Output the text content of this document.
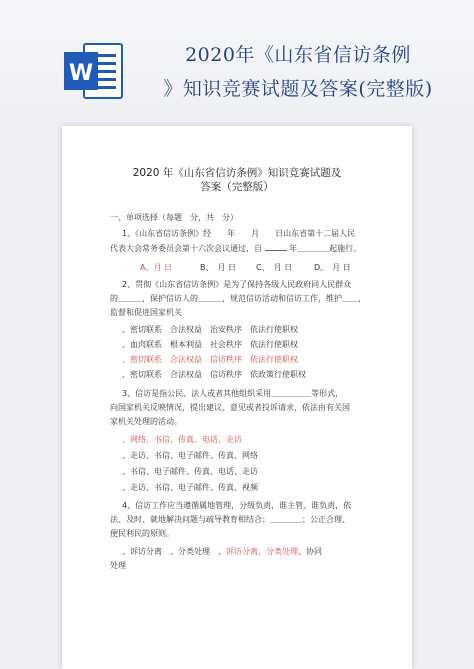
W
2020年《山东省信访条例
》知识竞赛试题及答案(完整版)
2020 年《山东省信访条例》知识竞赛试题及
答案（完整版）
一、单项选择（每题　分，共　分）
1、《山东省信访条例》经　　年　　月　　日山东省第十二届人民
代表大会常务委员会第十六次会议通过，自	年＿＿＿＿起施行。
A、月 日	B、　月 日 C、　月 日	D、　月 日
2、贯彻《山东省信访条例》是为了保持各级人民政府同人民群众
的＿＿＿，保护信访人的＿＿＿，规范信访活动和信访工作，维护＿＿，
监督和促进国家机关
、密切联系　合法权益　治安秩序　依法行使职权
、血肉联系　根本利益　社会秩序　依法行使职权
、密切联系　合法权益　信访秩序　依法行使职权
、密切联系　合法权益　信访秩序　依政策行使职权
3、信访是指公民、法人或者其他组织采用＿＿＿＿＿等形式，
向国家机关反映情况，提出建议、意见或者投诉请求，依法由有关国
家机关处理的活动。
、网络、书信、传真、电话、走访
、走访、书信、电子邮件、传真、网络
、书信、电子邮件、传真、电话、走访
、走访、书信、电子邮件、传真、视频
4、信访工作应当遵循属地管理，分级负责，谁主管、谁负责，依
法、及时、就地解决问题与疏导教育相结合；＿＿＿＿；公正合理、
便民利民的原则。
、诉访分离　、分类处理　、诉访分离、分类处理、协同
处理
